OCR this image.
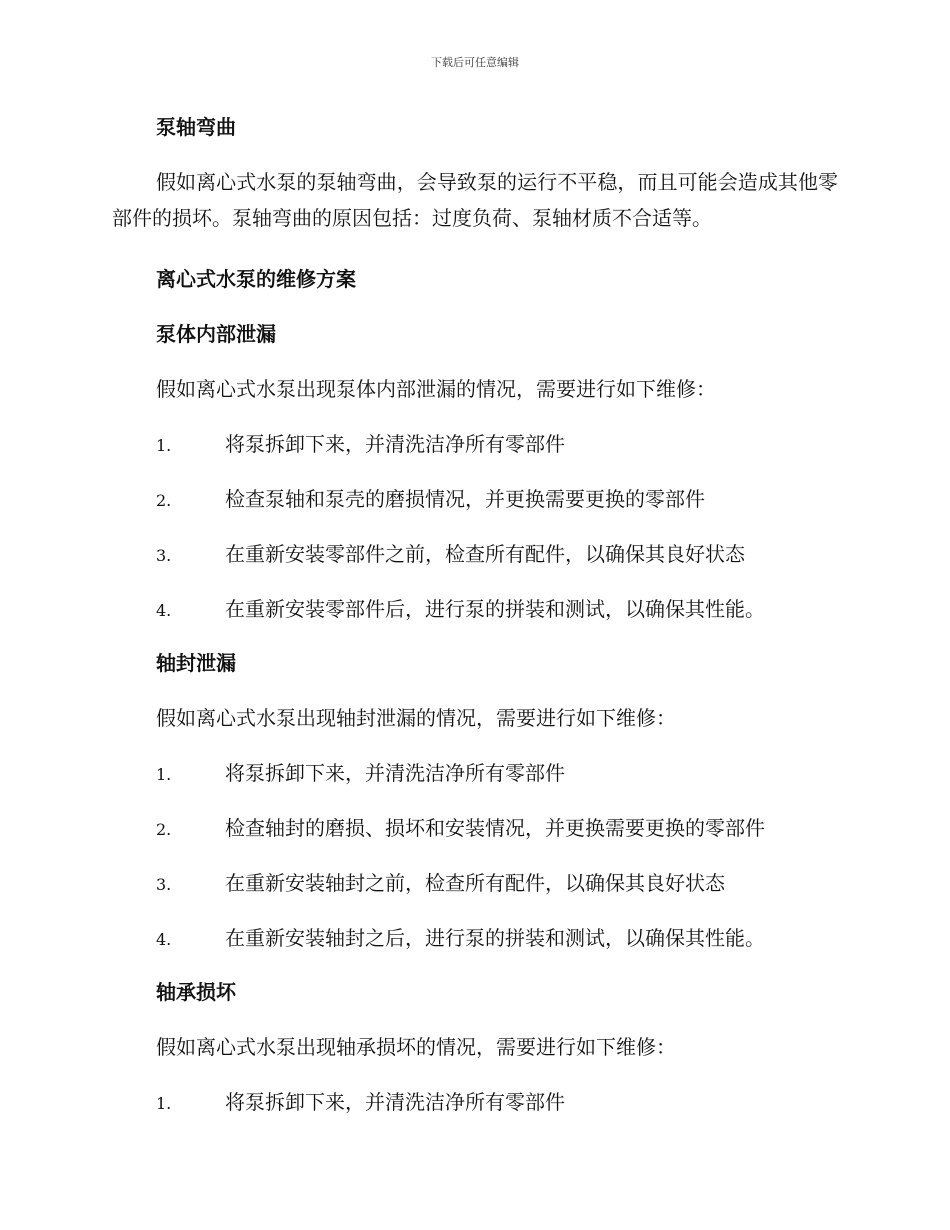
下载后可任意编辑
泵轴弯曲
假如离心式水泵的泵轴弯曲，会导致泵的运行不平稳，而且可能会造成其他零部件的损坏。泵轴弯曲的原因包括：过度负荷、泵轴材质不合适等。
离心式水泵的维修方案
泵体内部泄漏
假如离心式水泵出现泵体内部泄漏的情况，需要进行如下维修：
1.	将泵拆卸下来，并清洗洁净所有零部件
2.	检查泵轴和泵壳的磨损情况，并更换需要更换的零部件
3.	在重新安装零部件之前，检查所有配件，以确保其良好状态
4.	在重新安装零部件后，进行泵的拼装和测试，以确保其性能。
轴封泄漏
假如离心式水泵出现轴封泄漏的情况，需要进行如下维修：
1.	将泵拆卸下来，并清洗洁净所有零部件
2.	检查轴封的磨损、损坏和安装情况，并更换需要更换的零部件
3.	在重新安装轴封之前，检查所有配件，以确保其良好状态
4.	在重新安装轴封之后，进行泵的拼装和测试，以确保其性能。
轴承损坏
假如离心式水泵出现轴承损坏的情况，需要进行如下维修：
1.	将泵拆卸下来，并清洗洁净所有零部件
